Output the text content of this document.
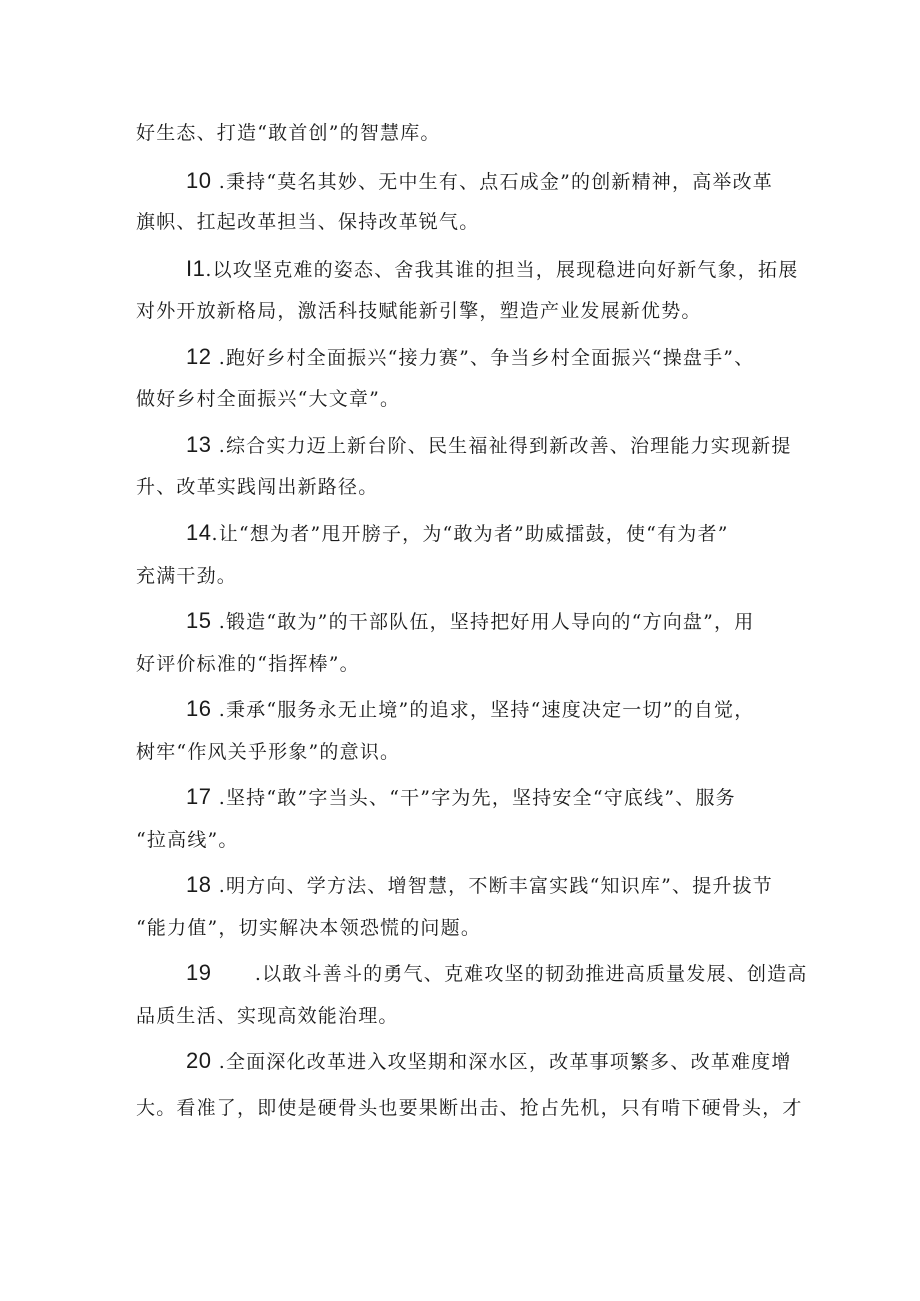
好生态、打造“敢首创”的智慧库。
10 .秉持“莫名其妙、无中生有、点石成金”的创新精神，高举改革
旗帜、扛起改革担当、保持改革锐气。
I1.以攻坚克难的姿态、舍我其谁的担当，展现稳进向好新气象，拓展
对外开放新格局，激活科技赋能新引擎，塑造产业发展新优势。
12 .跑好乡村全面振兴“接力赛”、争当乡村全面振兴“操盘手”、
做好乡村全面振兴“大文章”。
13 .综合实力迈上新台阶、民生福祉得到新改善、治理能力实现新提
升、改革实践闯出新路径。
14.让“想为者”甩开膀子，为“敢为者”助威擂鼓，使“有为者”
充满干劲。
15 .锻造“敢为”的干部队伍，坚持把好用人导向的“方向盘”，用
好评价标准的“指挥棒”。
16 .秉承“服务永无止境”的追求，坚持“速度决定一切”的自觉，
树牢“作风关乎形象”的意识。
17 .坚持“敢”字当头、“干”字为先，坚持安全“守底线”、服务
“拉高线”。
18 .明方向、学方法、增智慧，不断丰富实践“知识库”、提升拔节
“能力值”，切实解决本领恐慌的问题。
19      .以敢斗善斗的勇气、克难攻坚的韧劲推进高质量发展、创造高
品质生活、实现高效能治理。
20 .全面深化改革进入攻坚期和深水区，改革事项繁多、改革难度增
大。看准了，即使是硬骨头也要果断出击、抢占先机，只有啃下硬骨头，才
